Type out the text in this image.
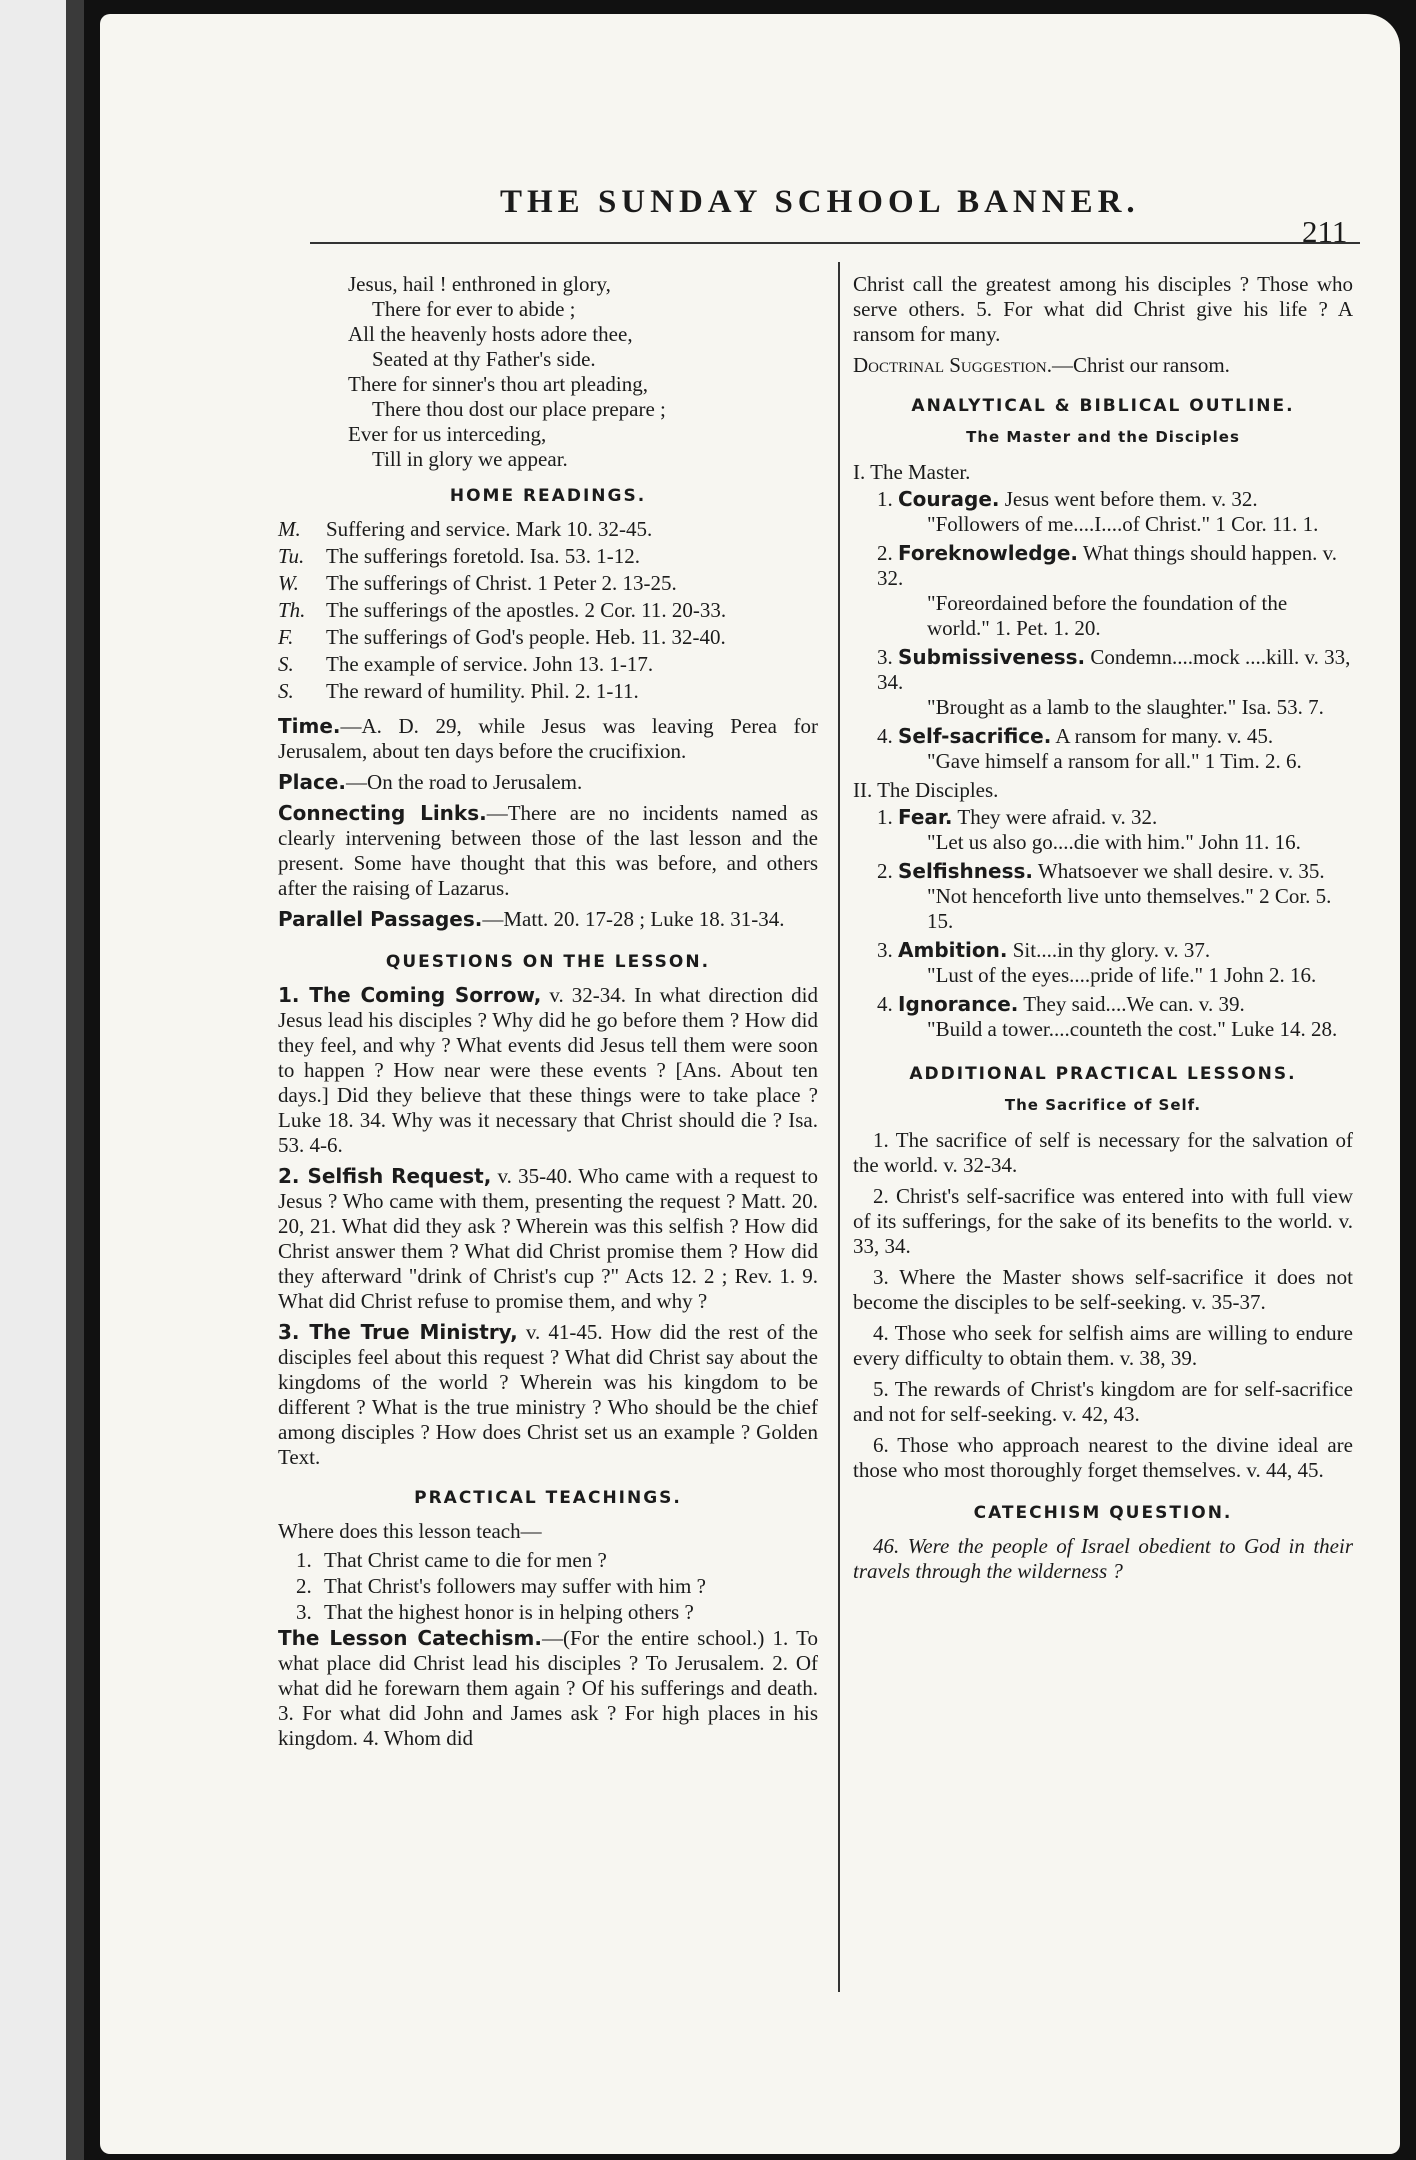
THE SUNDAY SCHOOL BANNER.
211
Jesus, hail ! enthroned in glory,
There for ever to abide ;
All the heavenly hosts adore thee,
Seated at thy Father's side.
There for sinner's thou art pleading,
There thou dost our place prepare ;
Ever for us interceding,
Till in glory we appear.
HOME READINGS.
M.	Suffering and service. Mark 10. 32-45.
Tu.	The sufferings foretold. Isa. 53. 1-12.
W.	The sufferings of Christ. 1 Peter 2. 13-25.
Th. The sufferings of the apostles. 2 Cor. 11. 20-33.
F.	The sufferings of God's people. Heb. 11. 32-40.
S.	The example of service. John 13. 1-17.
S.	The reward of humility. Phil. 2. 1-11.

Time.—A. D. 29, while Jesus was leaving Perea for Jerusalem, about ten days before the crucifixion.

Place.—On the road to Jerusalem.

Connecting Links.—There are no incidents named as clearly intervening between those of the last lesson and the present. Some have thought that this was before, and others after the raising of Lazarus.

Parallel Passages.—Matt. 20. 17-28 ; Luke 18. 31-34.

QUESTIONS ON THE LESSON.

1. The Coming Sorrow, v. 32-34. In what direction did Jesus lead his disciples ? Why did he go before them ? How did they feel, and why ? What events did Jesus tell them were soon to happen ? How near were these events ? [Ans. About ten days.] Did they believe that these things were to take place ? Luke 18. 34. Why was it necessary that Christ should die ? Isa. 53. 4-6.

2. Selfish Request, v. 35-40. Who came with a request to Jesus ? Who came with them, presenting the request ? Matt. 20. 20, 21. What did they ask ? Wherein was this selfish ? How did Christ answer them ? What did Christ promise them ? How did they afterward "drink of Christ's cup ?" Acts 12. 2 ; Rev. 1. 9. What did Christ refuse to promise them, and why ?

3. The True Ministry, v. 41-45. How did the rest of the disciples feel about this request ? What did Christ say about the kingdoms of the world ? Wherein was his kingdom to be different ? What is the true ministry ? Who should be the chief among disciples ? How does Christ set us an example ? Golden Text.

PRACTICAL TEACHINGS.
Where does this lesson teach—
1. That Christ came to die for men ?
2. That Christ's followers may suffer with him ?
3. That the highest honor is in helping others ?

The Lesson Catechism.—(For the entire school.) 1. To what place did Christ lead his disciples ? To Jerusalem. 2. Of what did he forewarn them again ? Of his sufferings and death. 3. For what did John and James ask ? For high places in his kingdom. 4. Whom did

Christ call the greatest among his disciples ? Those who serve others. 5. For what did Christ give his life ? A ransom for many.

Doctrinal Suggestion.—Christ our ransom.

ANALYTICAL & BIBLICAL OUTLINE.
The Master and the Disciples
I. The Master.
1. Courage. Jesus went before them. v. 32.
"Followers of me....I....of Christ." 1 Cor. 11. 1.
2. Foreknowledge. What things should happen. v. 32.
"Foreordained before the foundation of the world." 1. Pet. 1. 20.
3. Submissiveness. Condemn....mock ....kill. v. 33, 34.
"Brought as a lamb to the slaughter." Isa. 53. 7.
4. Self-sacrifice. A ransom for many. v. 45.
"Gave himself a ransom for all." 1 Tim. 2. 6.
II. The Disciples.
1. Fear. They were afraid. v. 32.
"Let us also go....die with him." John 11. 16.
2. Selfishness. Whatsoever we shall desire. v. 35.
"Not henceforth live unto themselves." 2 Cor. 5. 15.
3. Ambition. Sit....in thy glory. v. 37.
"Lust of the eyes....pride of life." 1 John 2. 16.
4. Ignorance. They said....We can. v. 39.
"Build a tower....counteth the cost." Luke 14. 28.
ADDITIONAL PRACTICAL LESSONS.
The Sacrifice of Self.

1. The sacrifice of self is necessary for the salvation of the world. v. 32-34.

2. Christ's self-sacrifice was entered into with full view of its sufferings, for the sake of its benefits to the world. v. 33, 34.

3. Where the Master shows self-sacrifice it does not become the disciples to be self-seeking. v. 35-37.

4. Those who seek for selfish aims are willing to endure every difficulty to obtain them. v. 38, 39.

5. The rewards of Christ's kingdom are for self-sacrifice and not for self-seeking. v. 42, 43.

6. Those who approach nearest to the divine ideal are those who most thoroughly forget themselves. v. 44, 45.

CATECHISM QUESTION.

46. Were the people of Israel obedient to God in their travels through the wilderness ?
